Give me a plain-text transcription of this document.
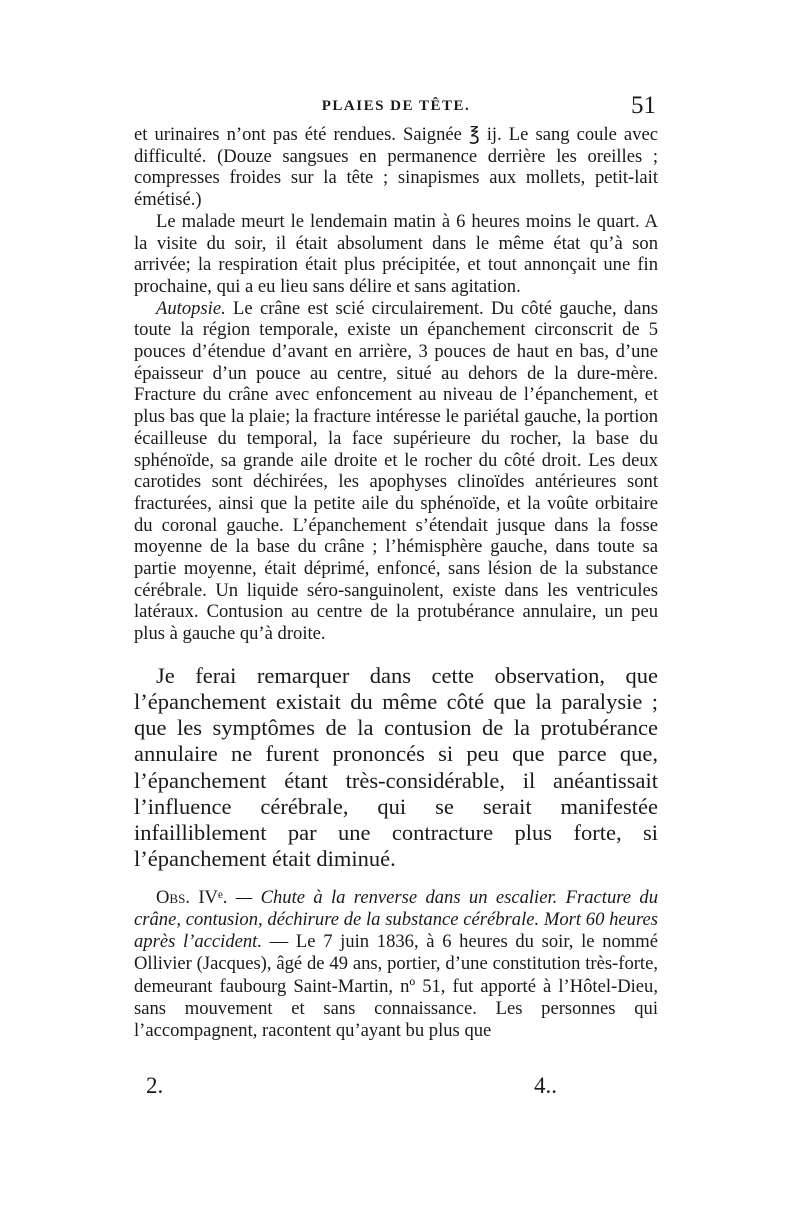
PLAIES DE TÊTE.	51

et urinaires n’ont pas été rendues. Saignée ℥ ij. Le sang coule avec difficulté. (Douze sangsues en permanence derrière les oreilles ; compresses froides sur la tête ; sinapismes aux mollets, petit-lait émétisé.)

Le malade meurt le lendemain matin à 6 heures moins le quart. A la visite du soir, il était absolument dans le même état qu’à son arrivée; la respiration était plus précipitée, et tout annonçait une fin prochaine, qui a eu lieu sans délire et sans agitation.

Autopsie. Le crâne est scié circulairement. Du côté gauche, dans toute la région temporale, existe un épanchement circonscrit de 5 pouces d’étendue d’avant en arrière, 3 pouces de haut en bas, d’une épaisseur d’un pouce au centre, situé au dehors de la dure-mère. Fracture du crâne avec enfoncement au niveau de l’épanchement, et plus bas que la plaie; la fracture intéresse le pariétal gauche, la portion écailleuse du temporal, la face supérieure du rocher, la base du sphénoïde, sa grande aile droite et le rocher du côté droit. Les deux carotides sont déchirées, les apophyses clinoïdes antérieures sont fracturées, ainsi que la petite aile du sphénoïde, et la voûte orbitaire du coronal gauche. L’épanchement s’étendait jusque dans la fosse moyenne de la base du crâne ; l’hémisphère gauche, dans toute sa partie moyenne, était déprimé, enfoncé, sans lésion de la substance cérébrale. Un liquide séro-sanguinolent, existe dans les ventricules latéraux. Contusion au centre de la protubérance annulaire, un peu plus à gauche qu’à droite.

Je ferai remarquer dans cette observation, que l’épanchement existait du même côté que la paralysie ; que les symptômes de la contusion de la protubérance annulaire ne furent prononcés si peu que parce que, l’épanchement étant très-considérable, il anéantissait l’influence cérébrale, qui se serait manifestée infailliblement par une contracture plus forte, si l’épanchement était diminué.

Obs. IVᵉ. — Chute à la renverse dans un escalier. Fracture du crâne, contusion, déchirure de la substance cérébrale. Mort 60 heures après l’accident. — Le 7 juin 1836, à 6 heures du soir, le nommé Ollivier (Jacques), âgé de 49 ans, portier, d’une constitution très-forte, demeurant faubourg Saint-Martin, nº 51, fut apporté à l’Hôtel-Dieu, sans mouvement et sans connaissance. Les personnes qui l’accompagnent, racontent qu’ayant bu plus que

2.	4..
